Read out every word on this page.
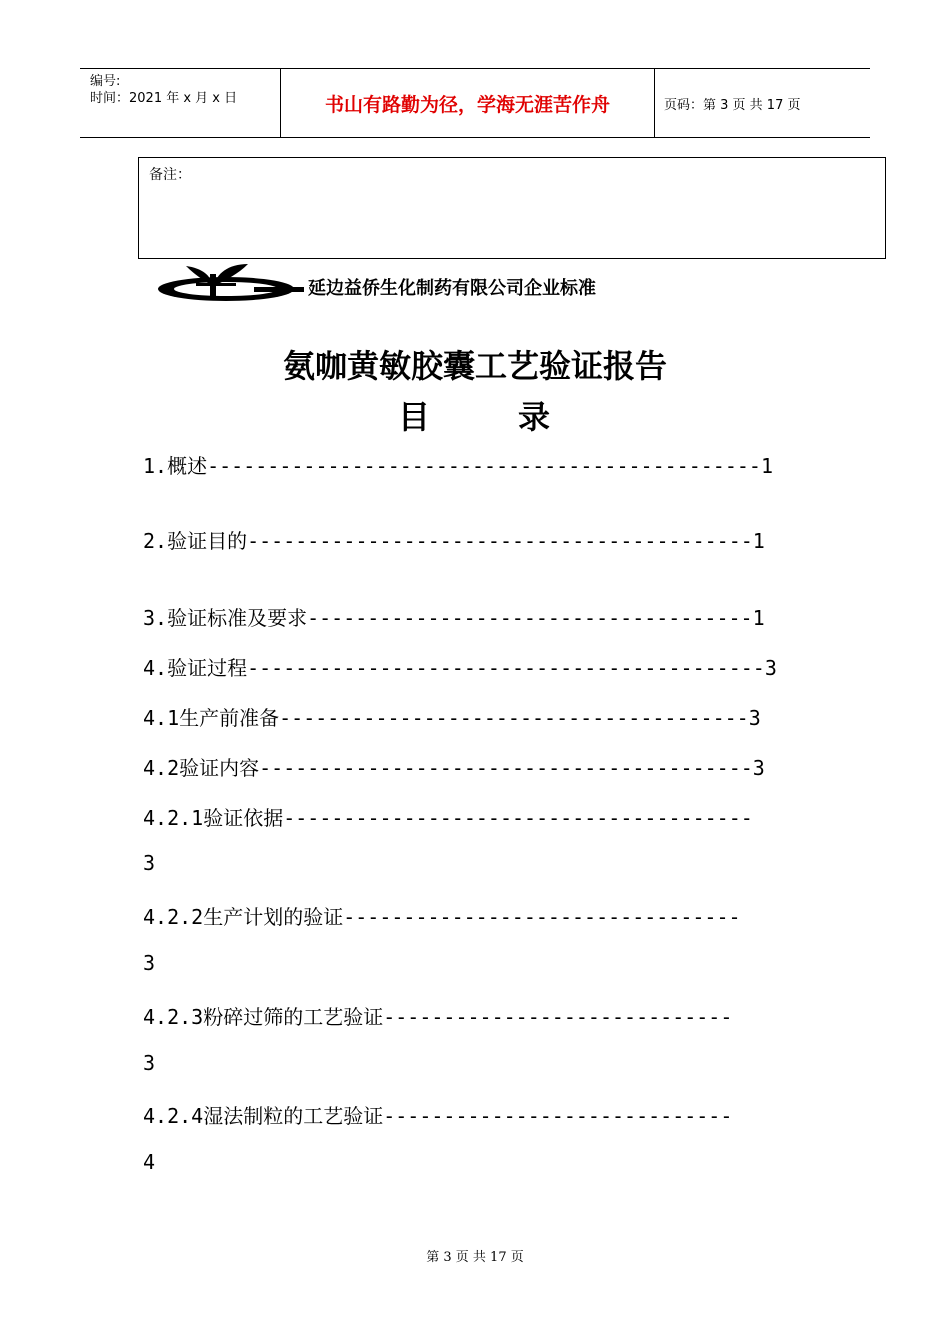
编号:
时间：2021 年 x 月 x 日	书山有路勤为径，学海无涯苦作舟	页码：第 3 页 共 17 页
备注：
延边益侨生化制药有限公司企业标准
氨咖黄敏胶囊工艺验证报告
目	录
1.概述----------------------------------------------1
2.验证目的------------------------------------------1
3.验证标准及要求-------------------------------------1
4.验证过程-------------------------------------------3
4.1生产前准备---------------------------------------3
4.2验证内容-----------------------------------------3
4.2.1验证依据---------------------------------------
3
4.2.2生产计划的验证---------------------------------
3
4.2.3粉碎过筛的工艺验证-----------------------------
3
4.2.4湿法制粒的工艺验证-----------------------------
4
第 3 页 共 17 页
